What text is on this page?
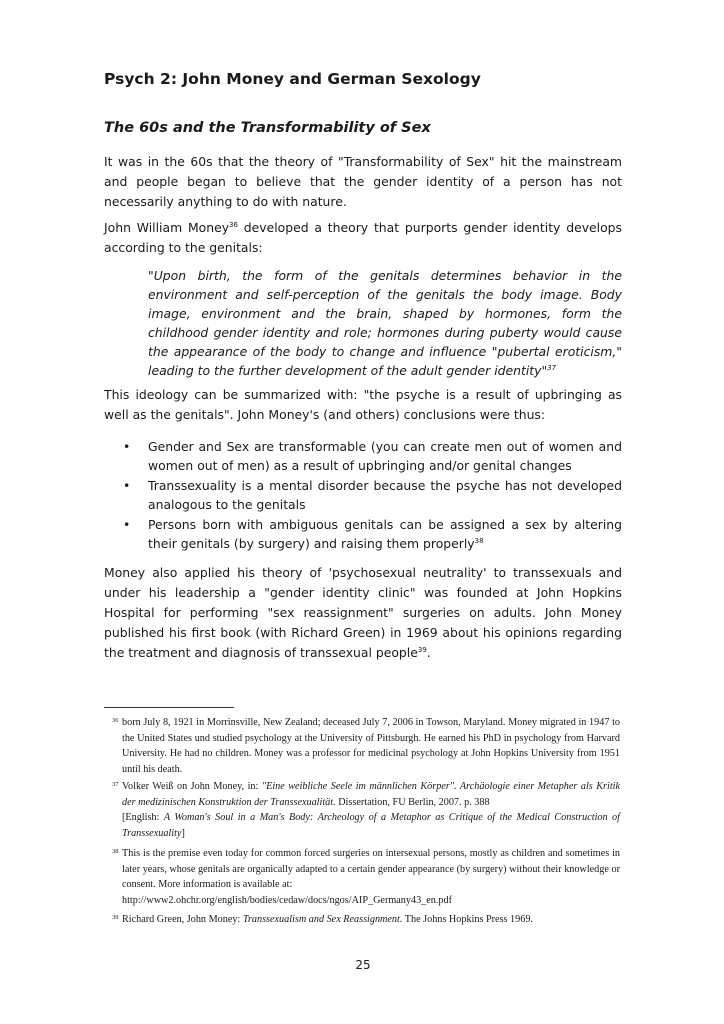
Psych 2: John Money and German Sexology
The 60s and the Transformability of Sex

It was in the 60s that the theory of "Transformability of Sex" hit the mainstream and people began to believe that the gender identity of a person has not necessarily anything to do with nature.

John William Money$^{36}$ developed a theory that purports gender identity develops according to the genitals:

"Upon birth, the form of the genitals determines behavior in the environment and self-perception of the genitals the body image. Body image, environment and the brain, shaped by hormones, form the childhood gender identity and role; hormones during puberty would cause the appearance of the body to change and influence "pubertal eroticism," leading to the further development of the adult gender identity"$^{37}$

This ideology can be summarized with: "the psyche is a result of upbringing as well as the genitals". John Money's (and others) conclusions were thus:

• Gender and Sex are transformable (you can create men out of women and women out of men) as a result of upbringing and/or genital changes
• Transsexuality is a mental disorder because the psyche has not developed analogous to the genitals
• Persons born with ambiguous genitals can be assigned a sex by altering their genitals (by surgery) and raising them properly$^{38}$

Money also applied his theory of 'psychosexual neutrality' to transsexuals and under his leadership a "gender identity clinic" was founded at John Hopkins Hospital for performing "sex reassignment" surgeries on adults. John Money published his first book (with Richard Green) in 1969 about his opinions regarding the treatment and diagnosis of transsexual people$^{39}$.

36 born July 8, 1921 in Morrinsville, New Zealand; deceased July 7, 2006 in Towson, Maryland. Money migrated in 1947 to the United States und studied psychology at the University of Pittsburgh. He earned his PhD in psychology from Harvard University. He had no children. Money was a professor for medicinal psychology at John Hopkins University from 1951 until his death.
37 Volker Weiß on John Money, in: "Eine weibliche Seele im männlichen Körper". Archäologie einer Metapher als Kritik der medizinischen Konstruktion der Transsexualität. Dissertation, FU Berlin, 2007. p. 388
[English: A Woman's Soul in a Man's Body: Archeology of a Metaphor as Critique of the Medical Construction of Transsexuality]
38 This is the premise even today for common forced surgeries on intersexual persons, mostly as children and sometimes in later years, whose genitals are organically adapted to a certain gender appearance (by surgery) without their knowledge or consent. More information is available at:
http://www2.ohchr.org/english/bodies/cedaw/docs/ngos/AIP_Germany43_en.pdf
39 Richard Green, John Money: Transsexualism and Sex Reassignment. The Johns Hopkins Press 1969.
25
